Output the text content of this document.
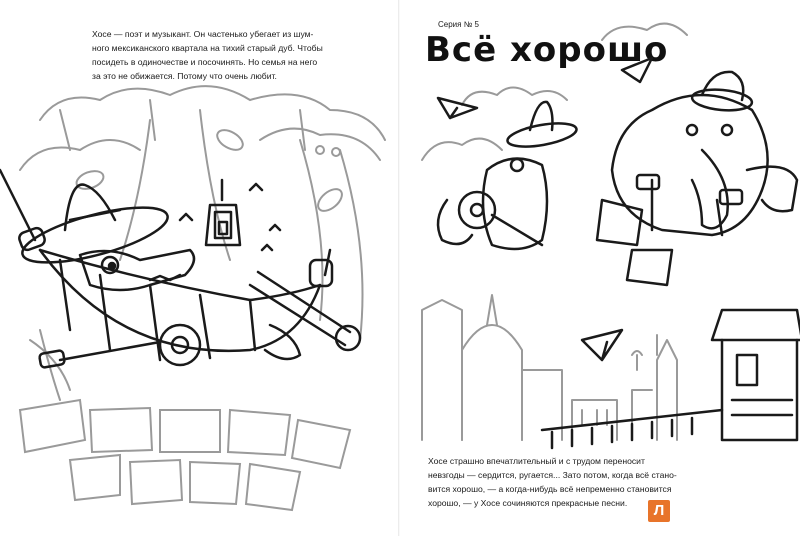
Хосе — поэт и музыкант. Он частенько убегает из шум-
ного мексиканского квартала на тихий старый дуб. Чтобы
посидеть в одиночестве и посочинять. Но семья на него
за это не обижается. Потому что очень любит.

Серия № 5

Всё хорошо

Хосе страшно впечатлительный и с трудом переносит
невзгоды — сердится, ругается... Зато потом, когда всё стано-
вится хорошо, — а когда-нибудь всё непременно становится
хорошо, — у Хосе сочиняются прекрасные песни.	Л
